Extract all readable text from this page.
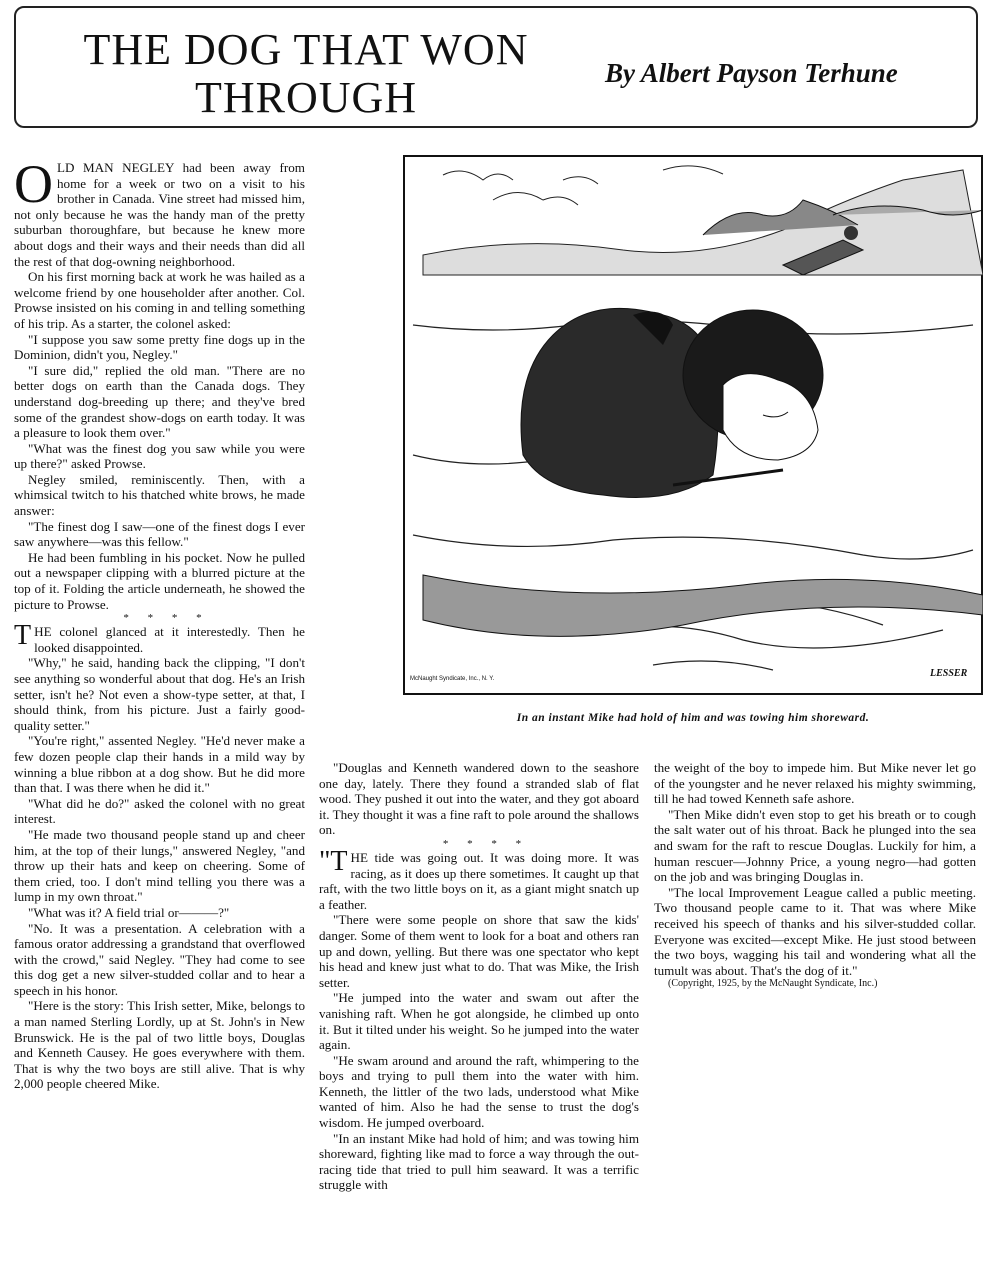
THE DOG THAT WON THROUGH	By Albert Payson Terhune

OLD MAN NEGLEY had been away from home for a week or two on a visit to his brother in Canada. Vine street had missed him, not only because he was the handy man of the pretty suburban thoroughfare, but because he knew more about dogs and their ways and their needs than did all the rest of that dog-owning neighborhood.

On his first morning back at work he was hailed as a welcome friend by one householder after another. Col. Prowse insisted on his coming in and telling something of his trip. As a starter, the colonel asked:

"I suppose you saw some pretty fine dogs up in the Dominion, didn't you, Negley."

"I sure did," replied the old man. "There are no better dogs on earth than the Canada dogs. They understand dog-breeding up there; and they've bred some of the grandest show-dogs on earth today. It was a pleasure to look them over."

"What was the finest dog you saw while you were up there?" asked Prowse.

Negley smiled, reminiscently. Then, with a whimsical twitch to his thatched white brows, he made answer:

"The finest dog I saw—one of the finest dogs I ever saw anywhere—was this fellow."

He had been fumbling in his pocket. Now he pulled out a newspaper clipping with a blurred picture at the top of it. Folding the article underneath, he showed the picture to Prowse.

* * * *

THE colonel glanced at it interestedly. Then he looked disappointed.

"Why," he said, handing back the clipping, "I don't see anything so wonderful about that dog. He's an Irish setter, isn't he? Not even a show-type setter, at that, I should think, from his picture. Just a fairly good-quality setter."

"You're right," assented Negley. "He'd never make a few dozen people clap their hands in a mild way by winning a blue ribbon at a dog show. But he did more than that. I was there when he did it."

"What did he do?" asked the colonel with no great interest.

"He made two thousand people stand up and cheer him, at the top of their lungs," answered Negley, "and throw up their hats and keep on cheering. Some of them cried, too. I don't mind telling you there was a lump in my own throat."

"What was it? A field trial or———?"

"No. It was a presentation. A celebration with a famous orator addressing a grandstand that overflowed with the crowd," said Negley. "They had come to see this dog get a new silver-studded collar and to hear a speech in his honor.

"Here is the story: This Irish setter, Mike, belongs to a man named Sterling Lordly, up at St. John's in New Brunswick. He is the pal of two little boys, Douglas and Kenneth Causey. He goes everywhere with them. That is why the two boys are still alive. That is why 2,000 people cheered Mike.

McNaught Syndicate, Inc., N. Y.	LESSER
In an instant Mike had hold of him and was towing him shoreward.

"Douglas and Kenneth wandered down to the seashore one day, lately. There they found a stranded slab of flat wood. They pushed it out into the water, and they got aboard it. They thought it was a fine raft to pole around the shallows on.

* * * *

"THE tide was going out. It was doing more. It was racing, as it does up there sometimes. It caught up that raft, with the two little boys on it, as a giant might snatch up a feather.

"There were some people on shore that saw the kids' danger. Some of them went to look for a boat and others ran up and down, yelling. But there was one spectator who kept his head and knew just what to do. That was Mike, the Irish setter.

"He jumped into the water and swam out after the vanishing raft. When he got alongside, he climbed up onto it. But it tilted under his weight. So he jumped into the water again.

"He swam around and around the raft, whimpering to the boys and trying to pull them into the water with him. Kenneth, the littler of the two lads, understood what Mike wanted of him. Also he had the sense to trust the dog's wisdom. He jumped overboard.

"In an instant Mike had hold of him; and was towing him shoreward, fighting like mad to force a way through the out-racing tide that tried to pull him seaward. It was a terrific struggle with

the weight of the boy to impede him. But Mike never let go of the youngster and he never relaxed his mighty swimming, till he had towed Kenneth safe ashore.

"Then Mike didn't even stop to get his breath or to cough the salt water out of his throat. Back he plunged into the sea and swam for the raft to rescue Douglas. Luckily for him, a human rescuer—Johnny Price, a young negro—had gotten on the job and was bringing Douglas in.

"The local Improvement League called a public meeting. Two thousand people came to it. That was where Mike received his speech of thanks and his silver-studded collar. Everyone was excited—except Mike. He just stood between the two boys, wagging his tail and wondering what all the tumult was about. That's the dog of it."

(Copyright, 1925, by the McNaught Syndicate, Inc.)
